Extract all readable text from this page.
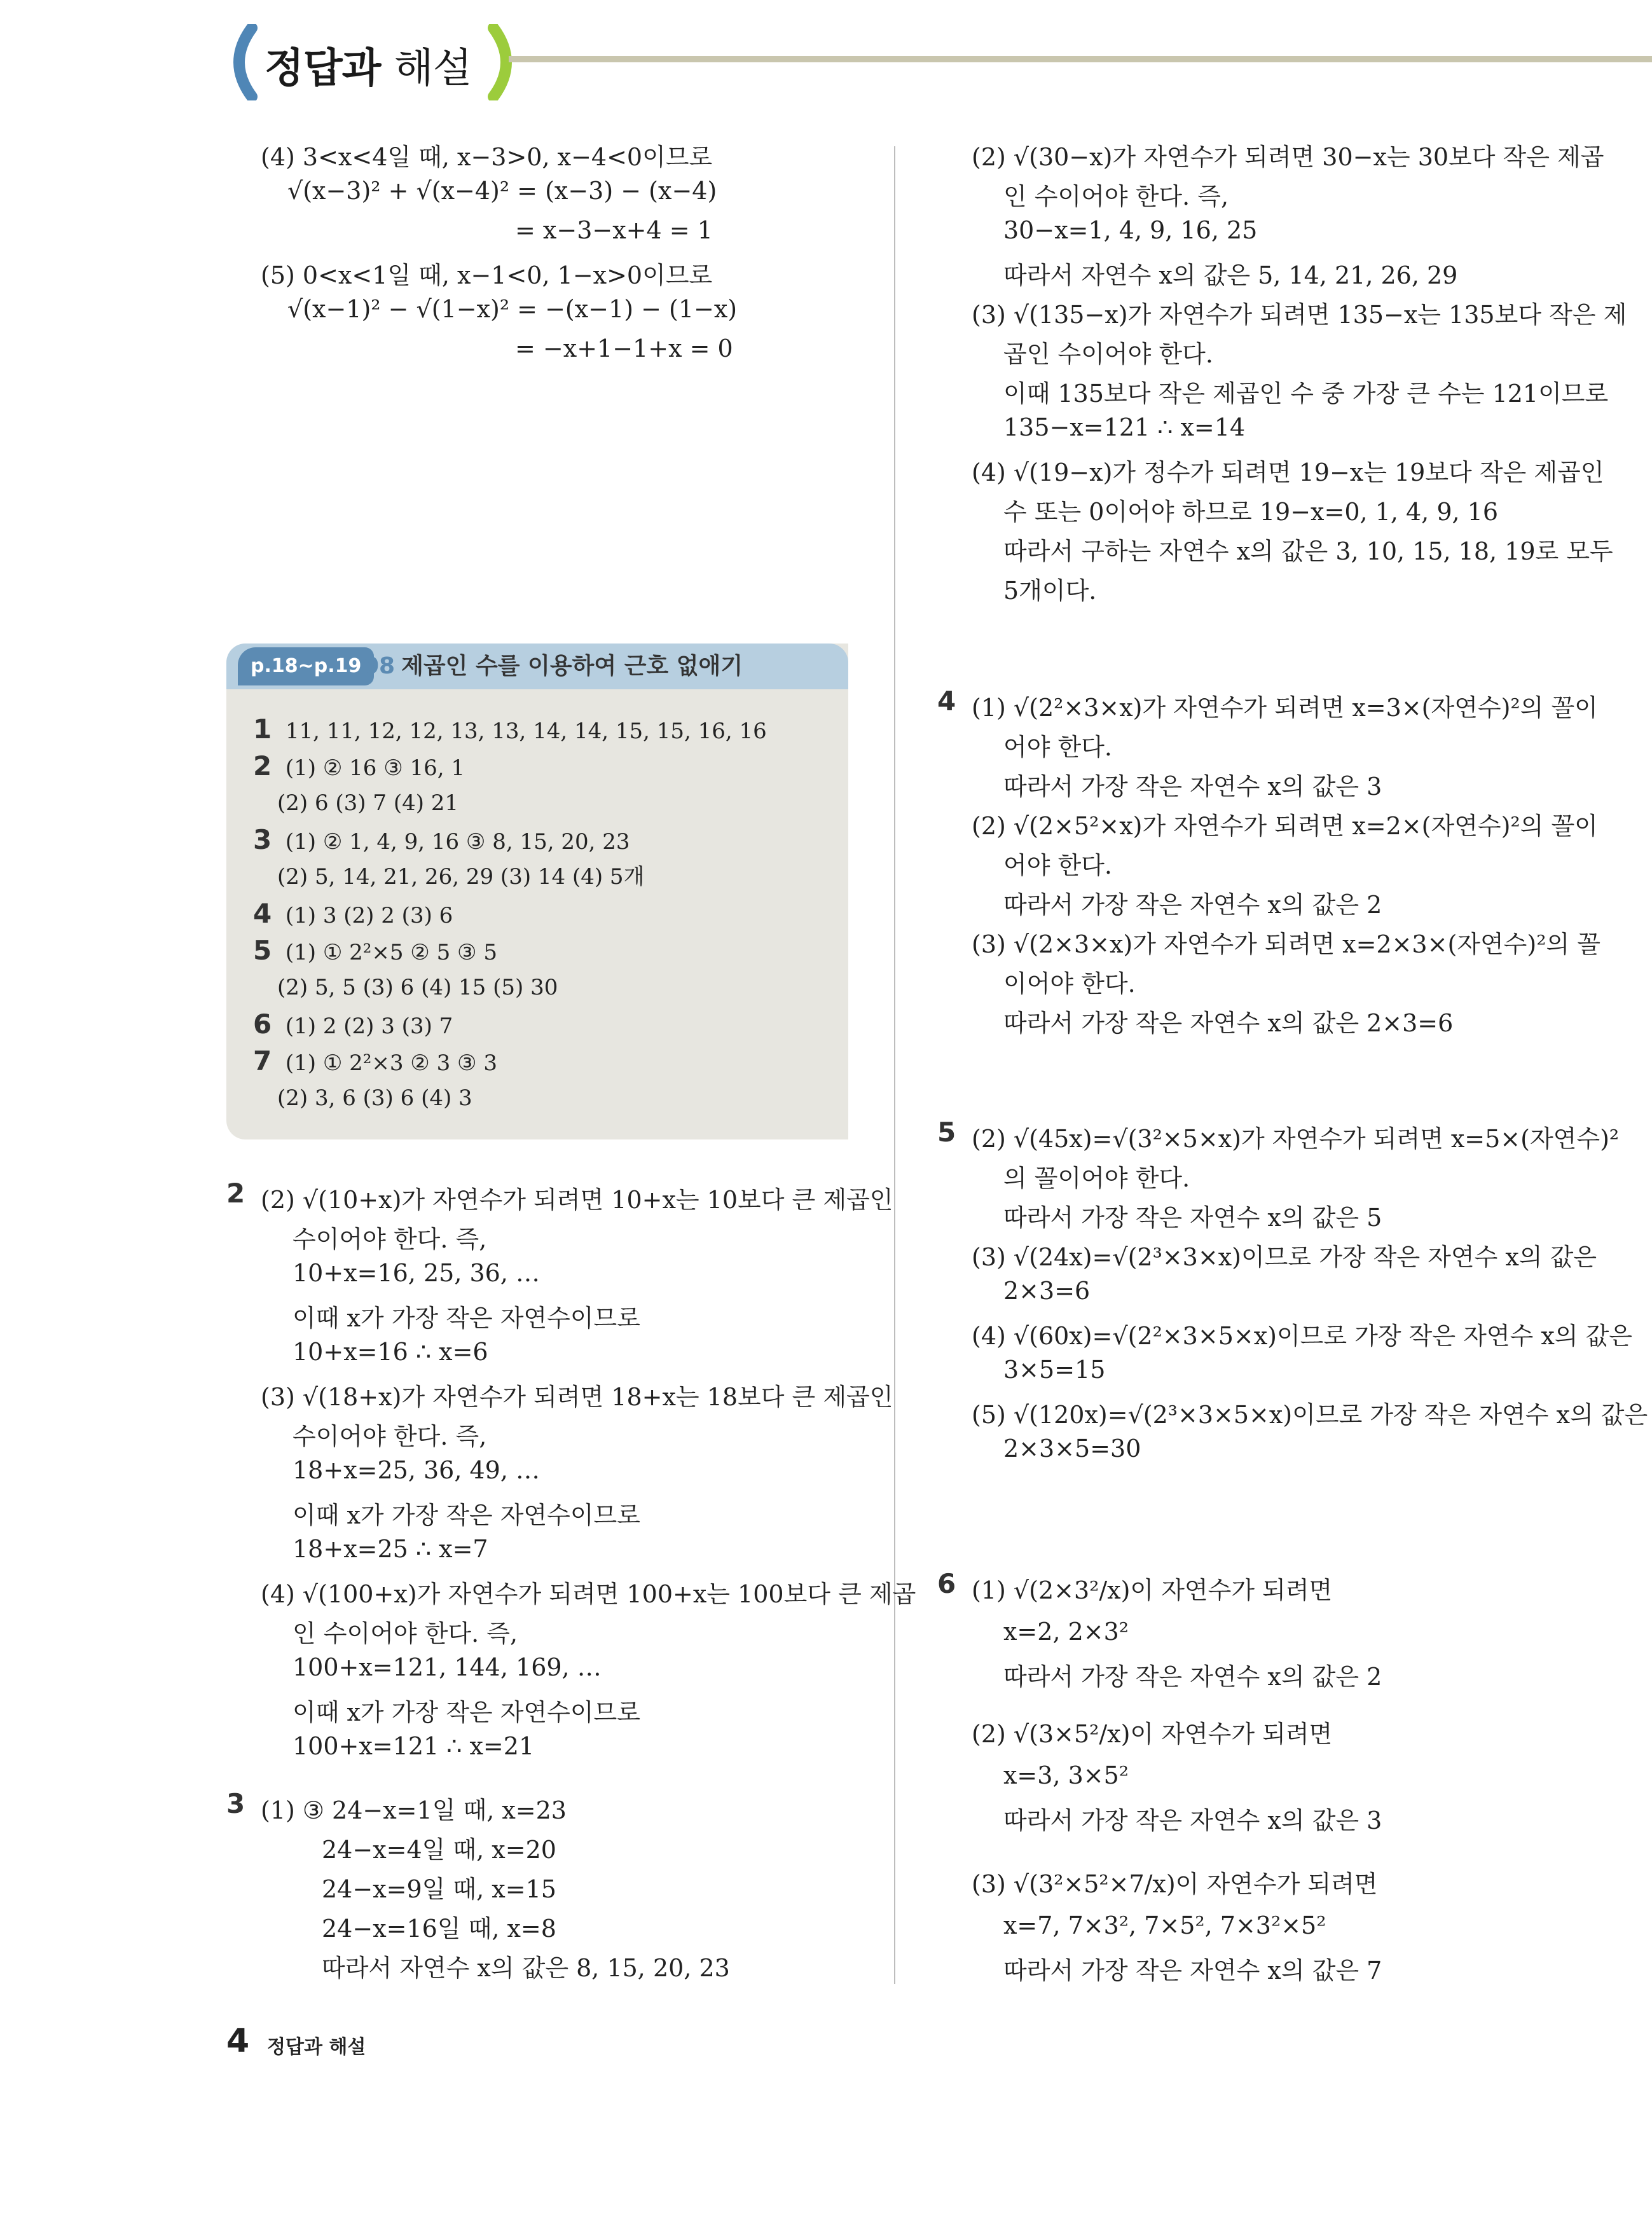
정답과 해설
(4) 3<x<4일 때, x−3>0, x−4<0이므로
√(x−3)² + √(x−4)² = (x−3) − (x−4)
= x−3−x+4 = 1
(5) 0<x<1일 때, x−1<0, 1−x>0이므로
√(x−1)² − √(1−x)² = −(x−1) − (1−x)
= −x+1−1+x = 0
p.18~p.19 08 제곱인 수를 이용하여 근호 없애기
1 11, 11, 12, 12, 13, 13, 14, 14, 15, 15, 16, 16
2 (1) ② 16 ③ 16, 1
(2) 6 (3) 7 (4) 21
3 (1) ② 1, 4, 9, 16 ③ 8, 15, 20, 23
(2) 5, 14, 21, 26, 29 (3) 14 (4) 5개
4 (1) 3 (2) 2 (3) 6
5 (1) ① 2²×5 ② 5 ③ 5
(2) 5, 5 (3) 6 (4) 15 (5) 30
6 (1) 2 (2) 3 (3) 7
7 (1) ① 2²×3 ② 3 ③ 3
(2) 3, 6 (3) 6 (4) 3
2 (2) √(10+x)가 자연수가 되려면 10+x는 10보다 큰 제곱인
수이어야 한다. 즉,
10+x=16, 25, 36, …
이때 x가 가장 작은 자연수이므로
10+x=16 ∴ x=6
(3) √(18+x)가 자연수가 되려면 18+x는 18보다 큰 제곱인
수이어야 한다. 즉,
18+x=25, 36, 49, …
이때 x가 가장 작은 자연수이므로
18+x=25 ∴ x=7
(4) √(100+x)가 자연수가 되려면 100+x는 100보다 큰 제곱
인 수이어야 한다. 즉,
100+x=121, 144, 169, …
이때 x가 가장 작은 자연수이므로
100+x=121 ∴ x=21
3 (1) ③ 24−x=1일 때, x=23
24−x=4일 때, x=20
24−x=9일 때, x=15
24−x=16일 때, x=8
따라서 자연수 x의 값은 8, 15, 20, 23
(2) √(30−x)가 자연수가 되려면 30−x는 30보다 작은 제곱
인 수이어야 한다. 즉,
30−x=1, 4, 9, 16, 25
따라서 자연수 x의 값은 5, 14, 21, 26, 29
(3) √(135−x)가 자연수가 되려면 135−x는 135보다 작은 제
곱인 수이어야 한다.
이때 135보다 작은 제곱인 수 중 가장 큰 수는 121이므로
135−x=121 ∴ x=14
(4) √(19−x)가 정수가 되려면 19−x는 19보다 작은 제곱인
수 또는 0이어야 하므로 19−x=0, 1, 4, 9, 16
따라서 구하는 자연수 x의 값은 3, 10, 15, 18, 19로 모두
5개이다.
4 (1) √(2²×3×x)가 자연수가 되려면 x=3×(자연수)²의 꼴이
어야 한다.
따라서 가장 작은 자연수 x의 값은 3
(2) √(2×5²×x)가 자연수가 되려면 x=2×(자연수)²의 꼴이
어야 한다.
따라서 가장 작은 자연수 x의 값은 2
(3) √(2×3×x)가 자연수가 되려면 x=2×3×(자연수)²의 꼴
이어야 한다.
따라서 가장 작은 자연수 x의 값은 2×3=6
5 (2) √(45x)=√(3²×5×x)가 자연수가 되려면 x=5×(자연수)²
의 꼴이어야 한다.
따라서 가장 작은 자연수 x의 값은 5
(3) √(24x)=√(2³×3×x)이므로 가장 작은 자연수 x의 값은
2×3=6
(4) √(60x)=√(2²×3×5×x)이므로 가장 작은 자연수 x의 값은
3×5=15
(5) √(120x)=√(2³×3×5×x)이므로 가장 작은 자연수 x의 값은
2×3×5=30
6 (1) √(2×3²/x)이 자연수가 되려면
x=2, 2×3²
따라서 가장 작은 자연수 x의 값은 2
(2) √(3×5²/x)이 자연수가 되려면
x=3, 3×5²
따라서 가장 작은 자연수 x의 값은 3
(3) √(3²×5²×7/x)이 자연수가 되려면
x=7, 7×3², 7×5², 7×3²×5²
따라서 가장 작은 자연수 x의 값은 7
4 정답과 해설
